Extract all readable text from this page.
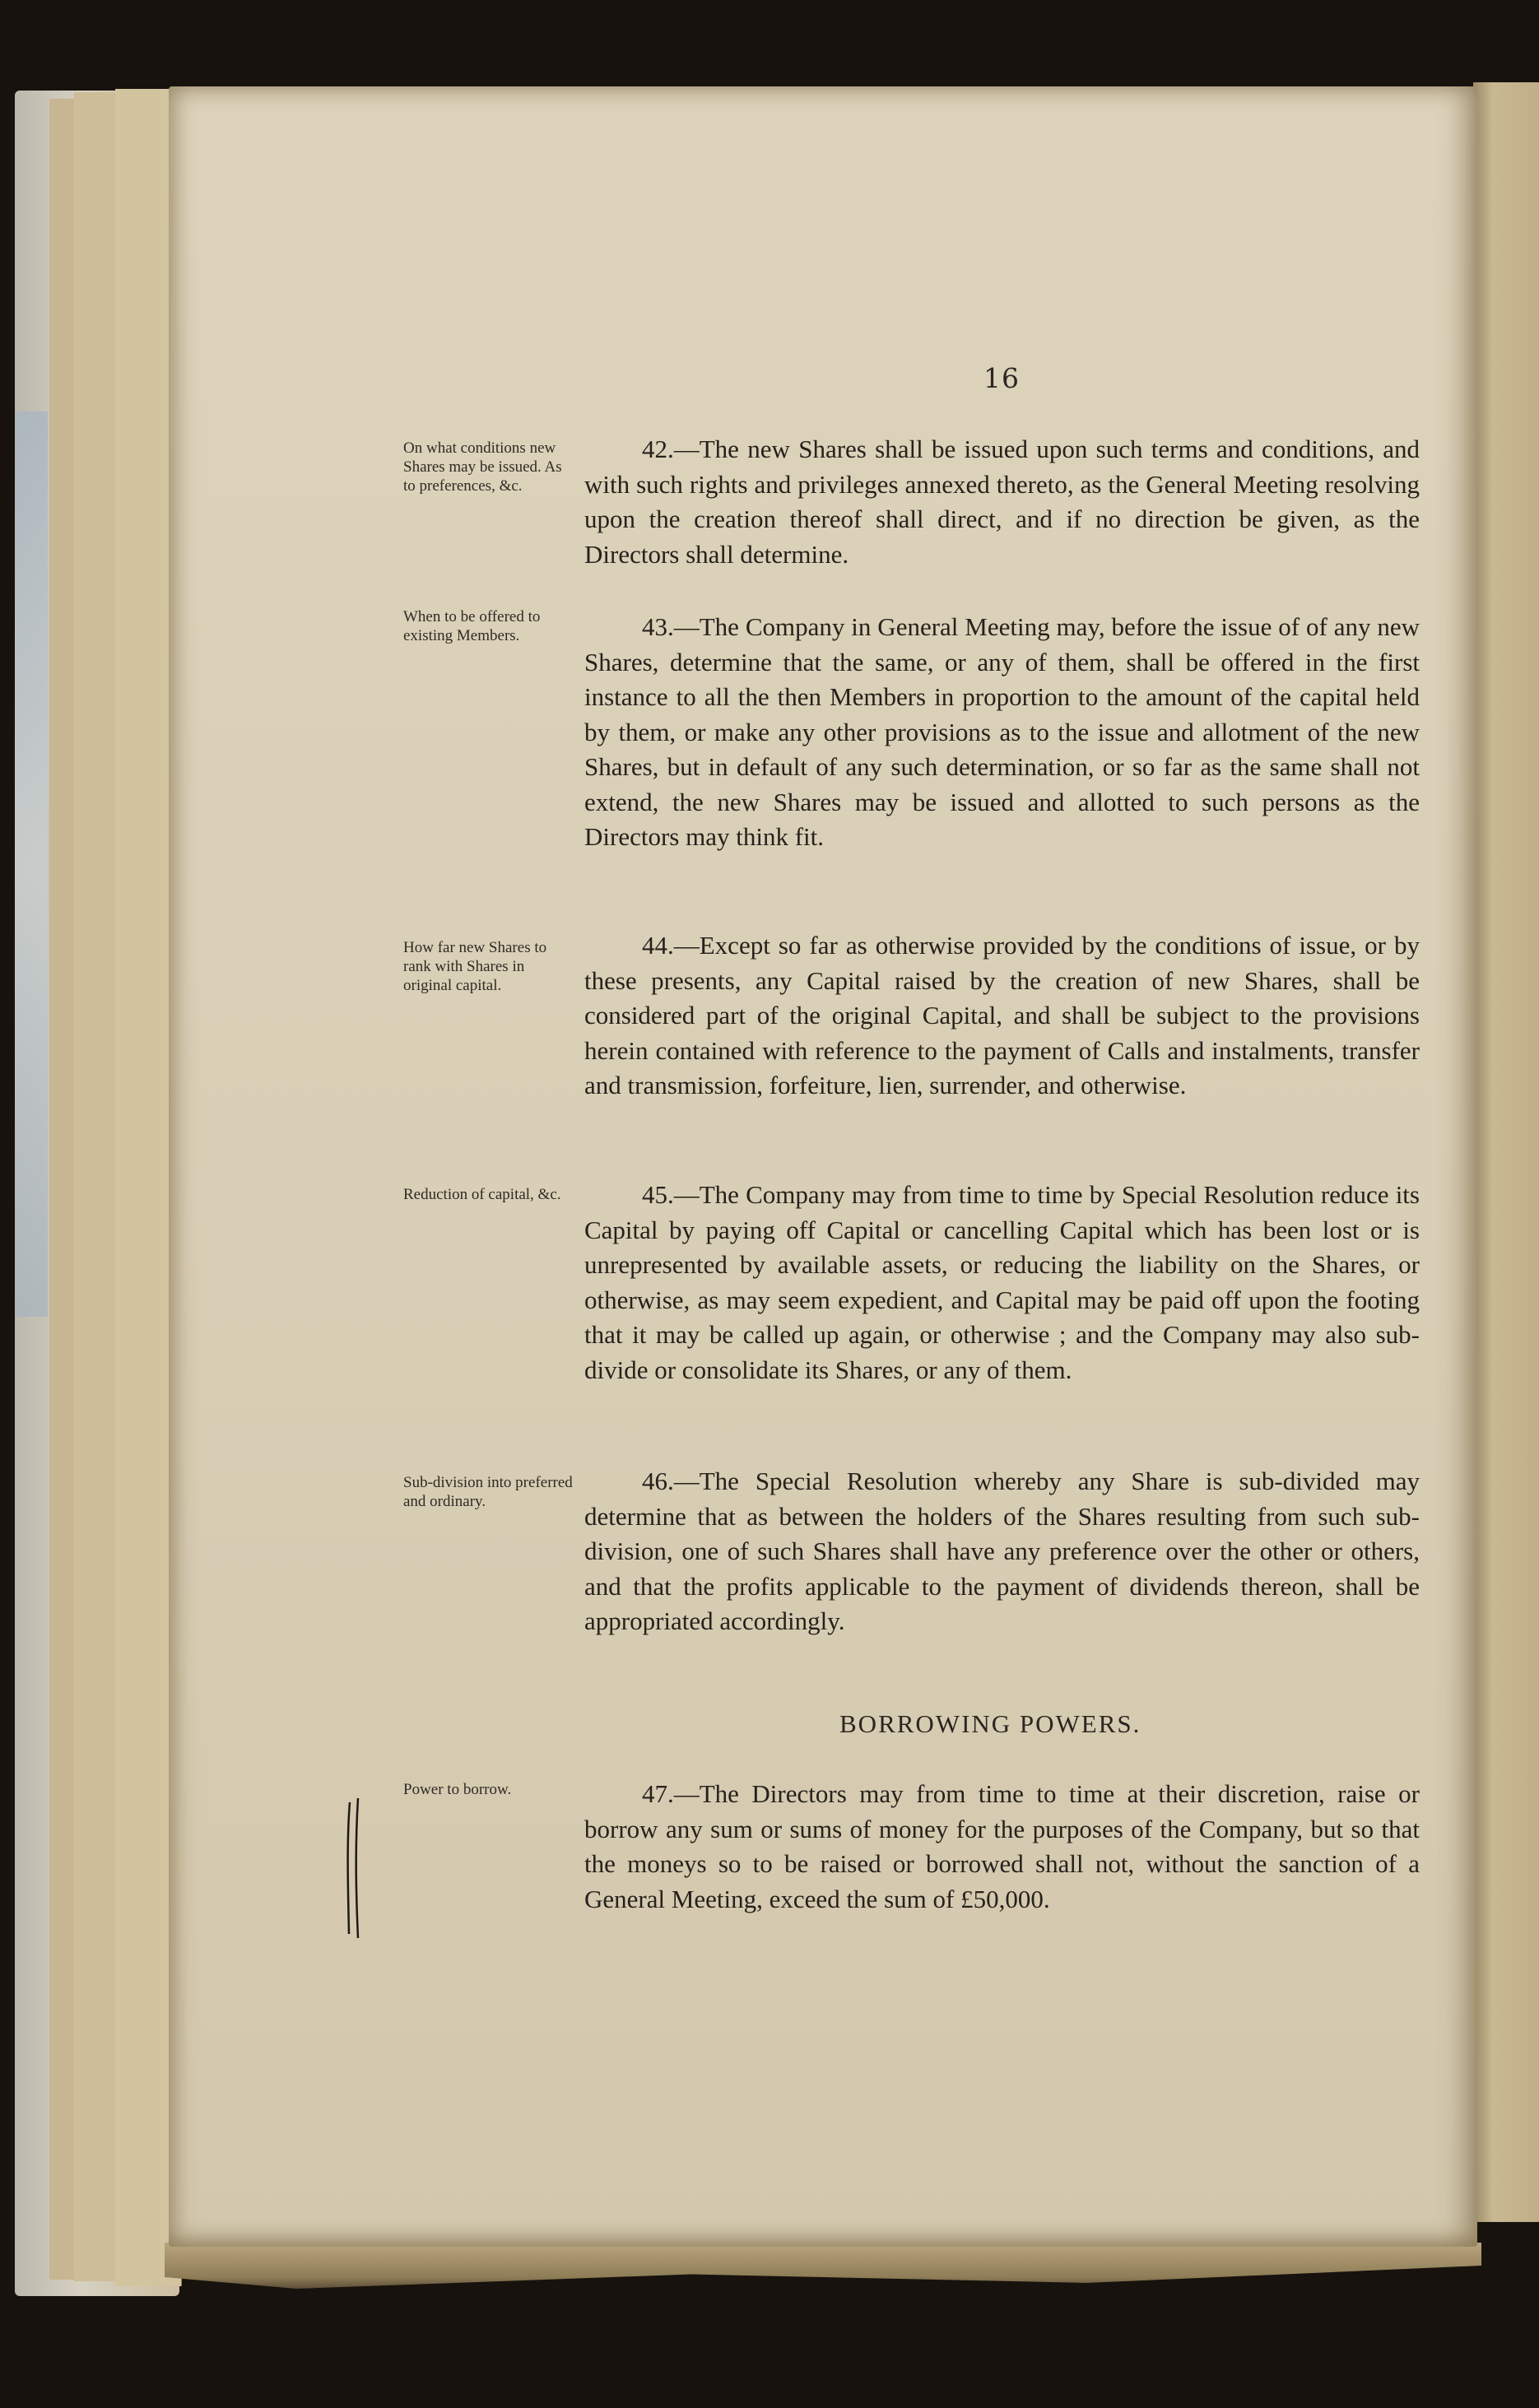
16
On what conditions new Shares may be issued. As to preferences, &c.
42.—The new Shares shall be issued upon such terms and conditions, and with such rights and privileges annexed thereto, as the General Meeting resolving upon the creation thereof shall direct, and if no direction be given, as the Directors shall determine.
When to be offered to existing Members.	43.—The Company in General Meeting may, before the issue of of any new Shares, determine that the same, or any of them, shall be offered in the first instance to all the then Members in proportion to the amount of the capital held by them, or make any other provisions as to the issue and allotment of the new Shares, but in default of any such determination, or so far as the same shall not extend, the new Shares may be issued and allotted to such persons as the Directors may think fit.
How far new Shares to rank with Shares in original capital.
44.—Except so far as otherwise provided by the conditions of issue, or by these presents, any Capital raised by the creation of new Shares, shall be considered part of the original Capital, and shall be subject to the provisions herein contained with reference to the payment of Calls and instalments, transfer and transmission, forfeiture, lien, surrender, and otherwise.
Reduction of capital, &c.	45.—The Company may from time to time by Special Resolution reduce its Capital by paying off Capital or cancelling Capital which has been lost or is unrepresented by available assets, or reducing the liability on the Shares, or otherwise, as may seem expedient, and Capital may be paid off upon the footing that it may be called up again, or otherwise ; and the Company may also sub-divide or consolidate its Shares, or any of them.
Sub-division into preferred and ordinary.
46.—The Special Resolution whereby any Share is sub-divided may determine that as between the holders of the Shares resulting from such sub-division, one of such Shares shall have any preference over the other or others, and that the profits applicable to the payment of dividends thereon, shall be appropriated accordingly.
BORROWING POWERS.
Power to borrow.	47.—The Directors may from time to time at their discretion, raise or borrow any sum or sums of money for the purposes of the Company, but so that the moneys so to be raised or borrowed shall not, without the sanction of a General Meeting, exceed the sum of £50,000.
